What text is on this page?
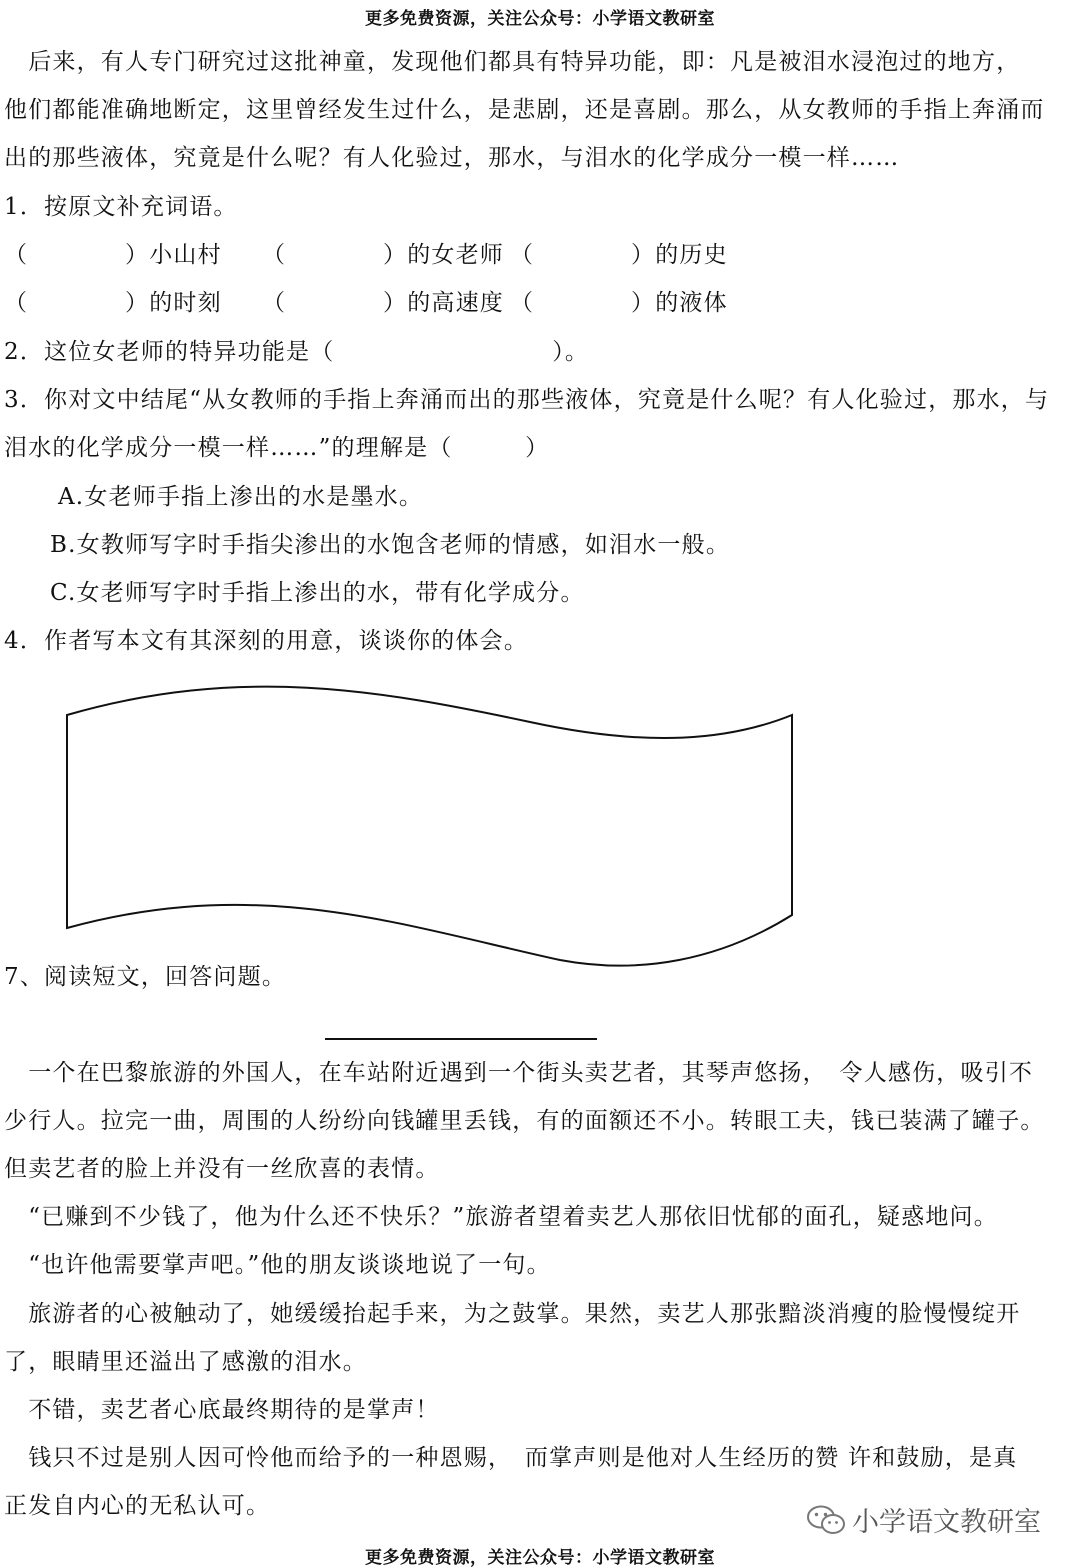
更多免费资源，关注公众号：小学语文教研室
　后来，有人专门研究过这批神童，发现他们都具有特异功能，即：凡是被泪水浸泡过的地方，
他们都能准确地断定，这里曾经发生过什么，是悲剧，还是喜剧。那么，从女教师的手指上奔涌而
出的那些液体，究竟是什么呢？有人化验过，那水，与泪水的化学成分一模一样……
1．按原文补充词语。
（　　　　）小山村 （　　　　）的女老师 （　　　　）的历史
（　　　　）的时刻 （　　　　）的高速度 （　　　　）的液体
2．这位女老师的特异功能是（　　　　　　　　　）。
3．你对文中结尾“从女教师的手指上奔涌而出的那些液体，究竟是什么呢？有人化验过，那水，与
泪水的化学成分一模一样……”的理解是（　　　）
A.女老师手指上渗出的水是墨水。
B.女教师写字时手指尖渗出的水饱含老师的情感，如泪水一般。
C.女老师写字时手指上渗出的水，带有化学成分。
4．作者写本文有其深刻的用意，谈谈你的体会。
7、阅读短文，回答问题。
　一个在巴黎旅游的外国人，在车站附近遇到一个街头卖艺者，其琴声悠扬，　令人感伤，吸引不
少行人。拉完一曲，周围的人纷纷向钱罐里丢钱，有的面额还不小。转眼工夫，钱已装满了罐子。
但卖艺者的脸上并没有一丝欣喜的表情。
　“已赚到不少钱了，他为什么还不快乐？”旅游者望着卖艺人那依旧忧郁的面孔，疑惑地问。
　“也许他需要掌声吧。”他的朋友谈谈地说了一句。
　旅游者的心被触动了，她缓缓抬起手来，为之鼓掌。果然，卖艺人那张黯淡消瘦的脸慢慢绽开
了，眼睛里还溢出了感激的泪水。
　不错，卖艺者心底最终期待的是掌声！
　钱只不过是别人因可怜他而给予的一种恩赐，　而掌声则是他对人生经历的赞 许和鼓励，是真
正发自内心的无私认可。
小学语文教研室
更多免费资源，关注公众号：小学语文教研室
